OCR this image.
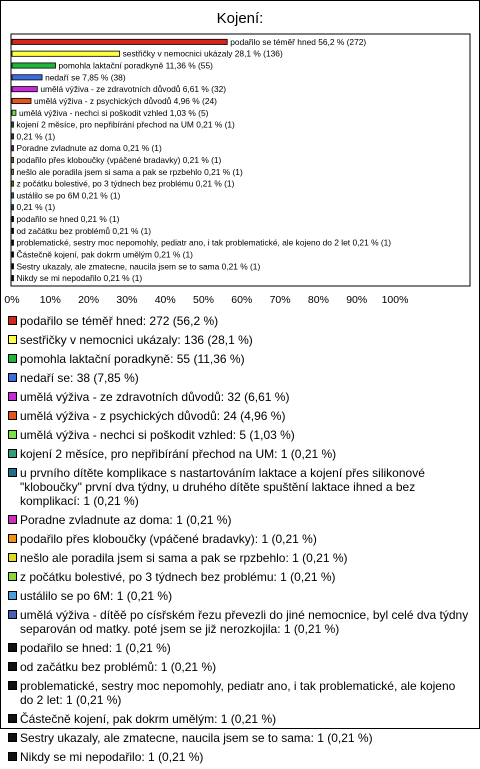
Kojení:
podařilo se téměř hned 56,2 % (272)
sestřičky v nemocnici ukázaly 28,1 % (136)
pomohla laktační poradkyně 11,36 % (55)
nedaří se 7,85 % (38)
umělá výživa - ze zdravotních důvodů 6,61 % (32)
umělá výživa - z psychických důvodů 4,96 % (24)
umělá výživa - nechci si poškodit vzhled 1,03 % (5)
kojení 2 měsíce, pro nepřibírání přechod na UM 0,21 % (1)
0,21 % (1)
Poradne zvladnute az doma 0,21 % (1)
podařilo přes kloboučky (vpáčené bradavky) 0,21 % (1)
nešlo ale poradila jsem si sama a pak se rpzbehlo 0,21 % (1)
z počátku bolestivé, po 3 týdnech bez problému 0,21 % (1)
ustálilo se po 6M 0,21 % (1)
0,21 % (1)
podařilo se hned 0,21 % (1)
od začátku bez problémů 0,21 % (1)
problematické, sestry moc nepomohly, pediatr ano, i tak problematické, ale kojeno do 2 let 0,21 % (1)
Částečně kojení, pak dokrm umělým 0,21 % (1)
Sestry ukazaly, ale zmatecne, naucila jsem se to sama 0,21 % (1)
Nikdy se mi nepodařilo 0,21 % (1)
0% 10% 20% 30% 40% 50% 60% 70% 80% 90% 100%
podařilo se téměř hned: 272 (56,2 %)
sestřičky v nemocnici ukázaly: 136 (28,1 %)
pomohla laktační poradkyně: 55 (11,36 %)
nedaří se: 38 (7,85 %)
umělá výživa - ze zdravotních důvodů: 32 (6,61 %)
umělá výživa - z psychických důvodů: 24 (4,96 %)
umělá výživa - nechci si poškodit vzhled: 5 (1,03 %)
kojení 2 měsíce, pro nepřibírání přechod na UM: 1 (0,21 %)
u prvního dítěte komplikace s nastartováním laktace a kojení přes silikonové "kloboučky" první dva týdny, u druhého dítěte spuštění laktace ihned a bez komplikací: 1 (0,21 %)
Poradne zvladnute az doma: 1 (0,21 %)
podařilo přes kloboučky (vpáčené bradavky): 1 (0,21 %)
nešlo ale poradila jsem si sama a pak se rpzbehlo: 1 (0,21 %)
z počátku bolestivé, po 3 týdnech bez problému: 1 (0,21 %)
ustálilo se po 6M: 1 (0,21 %)
umělá výživa - dítěě po císřském řezu převezli do jiné nemocnice, byl celé dva týdny separován od matky. poté jsem se již nerozkojila: 1 (0,21 %)
podařilo se hned: 1 (0,21 %)
od začátku bez problémů: 1 (0,21 %)
problematické, sestry moc nepomohly, pediatr ano, i tak problematické, ale kojeno do 2 let: 1 (0,21 %)
Částečně kojení, pak dokrm umělým: 1 (0,21 %)
Sestry ukazaly, ale zmatecne, naucila jsem se to sama: 1 (0,21 %)
Nikdy se mi nepodařilo: 1 (0,21 %)
